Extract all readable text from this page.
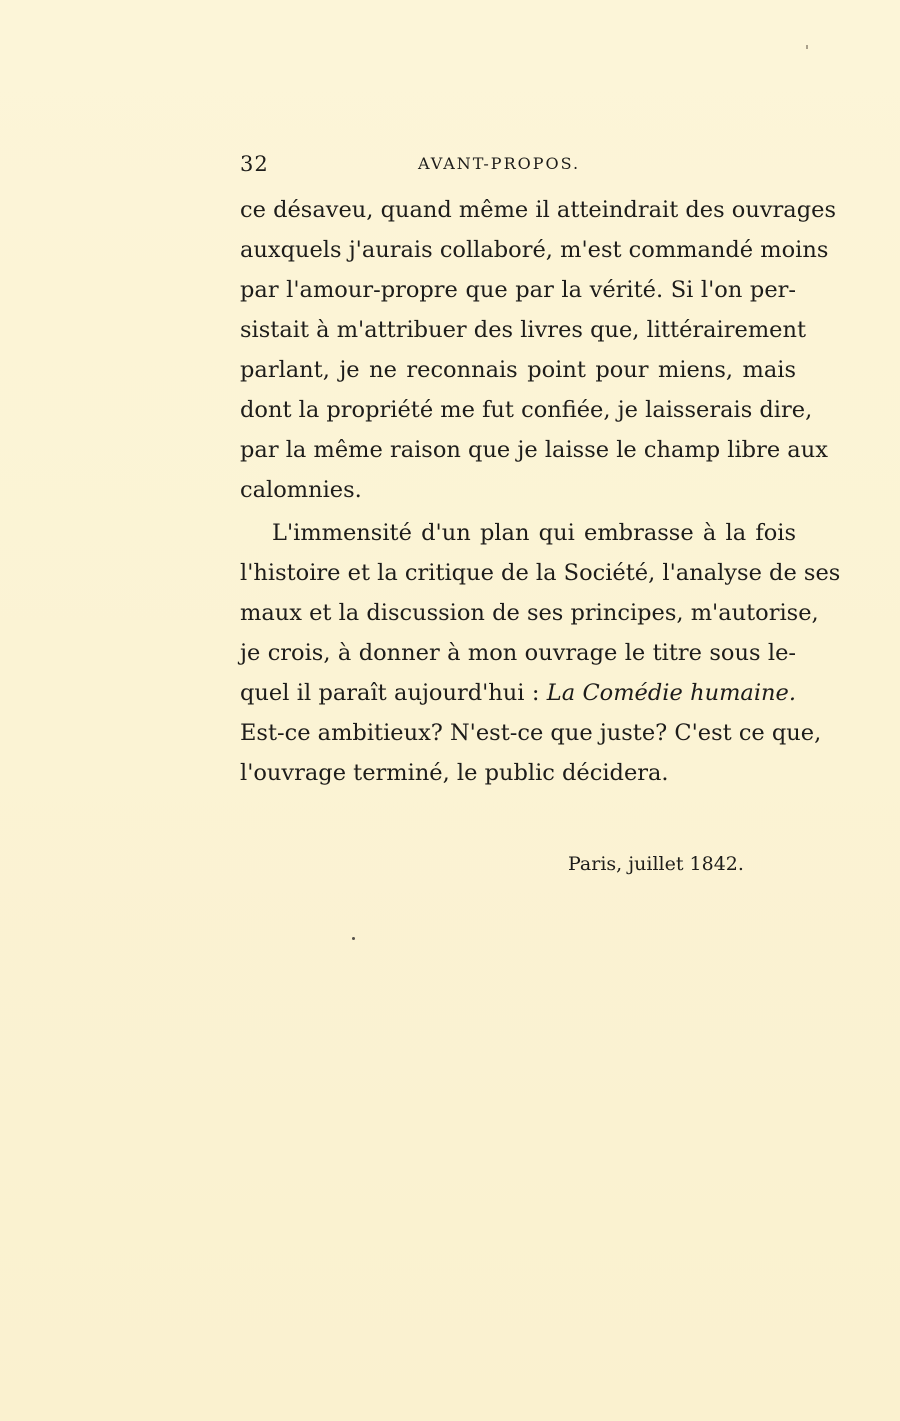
32	AVANT-PROPOS.
ce désaveu, quand même il atteindrait des ouvrages
auxquels j'aurais collaboré, m'est commandé moins
par l'amour-propre que par la vérité. Si l'on per-
sistait à m'attribuer des livres que, littérairement
parlant, je ne reconnais point pour miens, mais
dont la propriété me fut confiée, je laisserais dire,
par la même raison que je laisse le champ libre aux
calomnies.
L'immensité d'un plan qui embrasse à la fois
l'histoire et la critique de la Société, l'analyse de ses
maux et la discussion de ses principes, m'autorise,
je crois, à donner à mon ouvrage le titre sous le-
quel il paraît aujourd'hui : La Comédie humaine.
Est-ce ambitieux? N'est-ce que juste? C'est ce que,
l'ouvrage terminé, le public décidera.
Paris, juillet 1842.
